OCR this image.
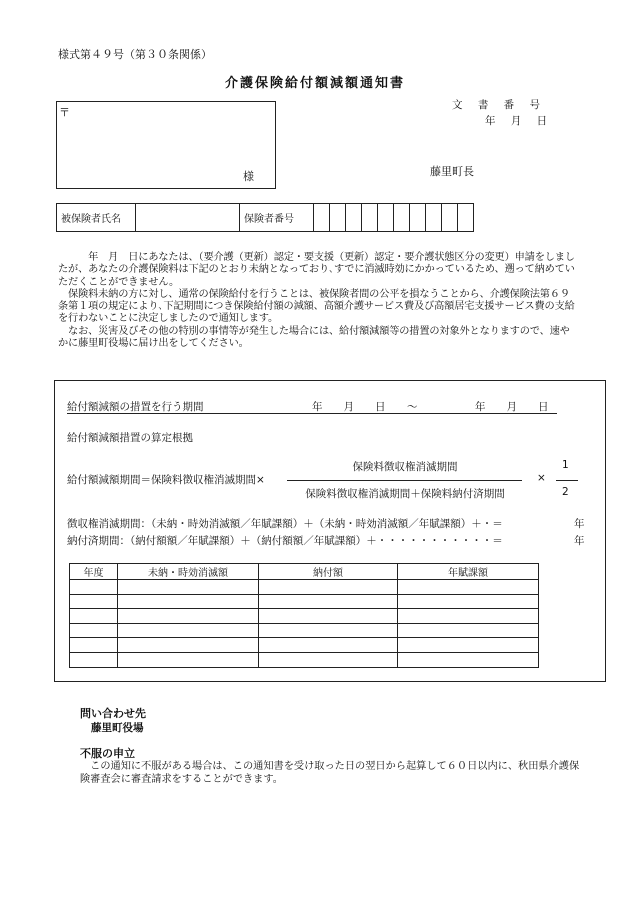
様式第４９号（第３０条関係）
介護保険給付額減額通知書
文 書 番 号
年 月 日
〒
様	藤里町長
被保険者氏名		保険者番号										

　　　年　月　日にあなたは、（要介護（更新）認定・要支援（更新）認定・要介護状態区分の変更）申請をしましたが、あなたの介護保険料は下記のとおり未納となっており､すでに消滅時効にかかっているため、遡って納めていただくことができません。

　保険料未納の方に対し、通常の保険給付を行うことは、被保険者間の公平を損なうことから、介護保険法第６９条第１項の規定により､下記期間につき保険給付額の減額、高額介護サービス費及び高額居宅支援サービス費の支給を行わないことに決定しましたので通知します。

　なお、災害及びその他の特別の事情等が発生した場合には、給付額減額等の措置の対象外となりますので、速やかに藤里町役場に届け出をしてください。

給付額減額の措置を行う期間	年　　月　　日 ～	年　　月　　日
給付額減額措置の算定根拠
給付額減額期間＝保険料徴収権消滅期間×
保険料徴収権消滅期間
保険料徴収権消滅期間＋保険料納付済期間
×
1
2
徴収権消滅期間：（未納・時効消滅額／年賦課額）＋（未納・時効消滅額／年賦課額）＋・＝	年
納付済期間：（納付額額／年賦課額）＋（納付額額／年賦課額）＋・・・・・・・・・・・＝	年
年度	未納・時効消滅額	納付額	年賦課額

問い合わせ先
藤里町役場
不服の申立
　この通知に不服がある場合は、この通知書を受け取った日の翌日から起算して６０日以内に、秋田県介護保険審査会に審査請求をすることができます。
